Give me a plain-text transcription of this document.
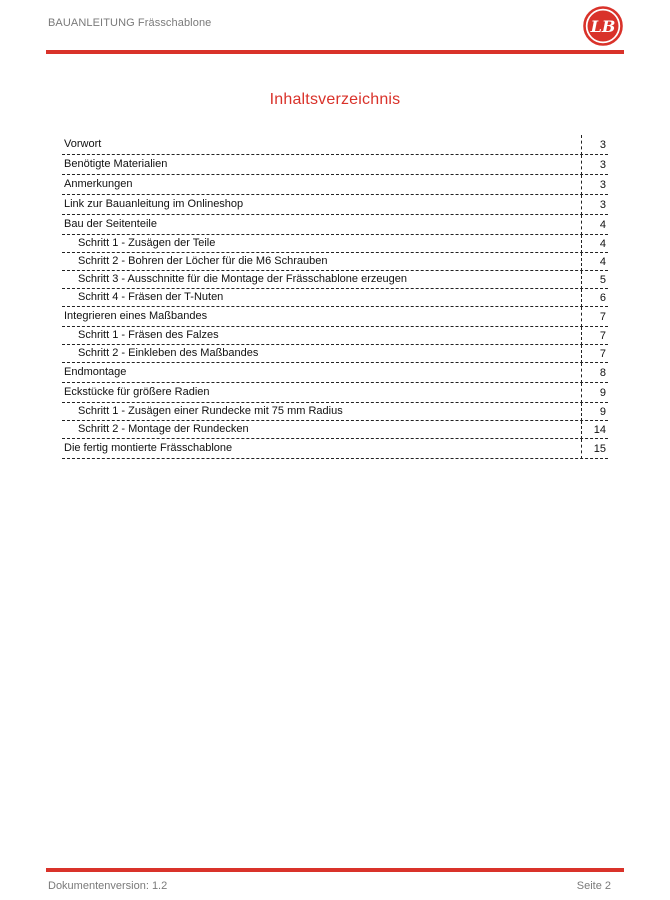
BAUANLEITUNG Frässchablone	LB
Inhaltsverzeichnis
Vorwort	3
Benötigte Materialien	3
Anmerkungen	3
Link zur Bauanleitung im Onlineshop	3
Bau der Seitenteile	4
Schritt 1 - Zusägen der Teile	4
Schritt 2 - Bohren der Löcher für die M6 Schrauben	4
Schritt 3 - Ausschnitte für die Montage der Frässchablone erzeugen	5
Schritt 4 - Fräsen der T-Nuten	6
Integrieren eines Maßbandes	7
Schritt 1 - Fräsen des Falzes	7
Schritt 2 - Einkleben des Maßbandes	7
Endmontage	8
Eckstücke für größere Radien	9
Schritt 1 - Zusägen einer Rundecke mit 75 mm Radius	9
Schritt 2 - Montage der Rundecken	14
Die fertig montierte Frässchablone	15
Dokumentenversion: 1.2	Seite 2
